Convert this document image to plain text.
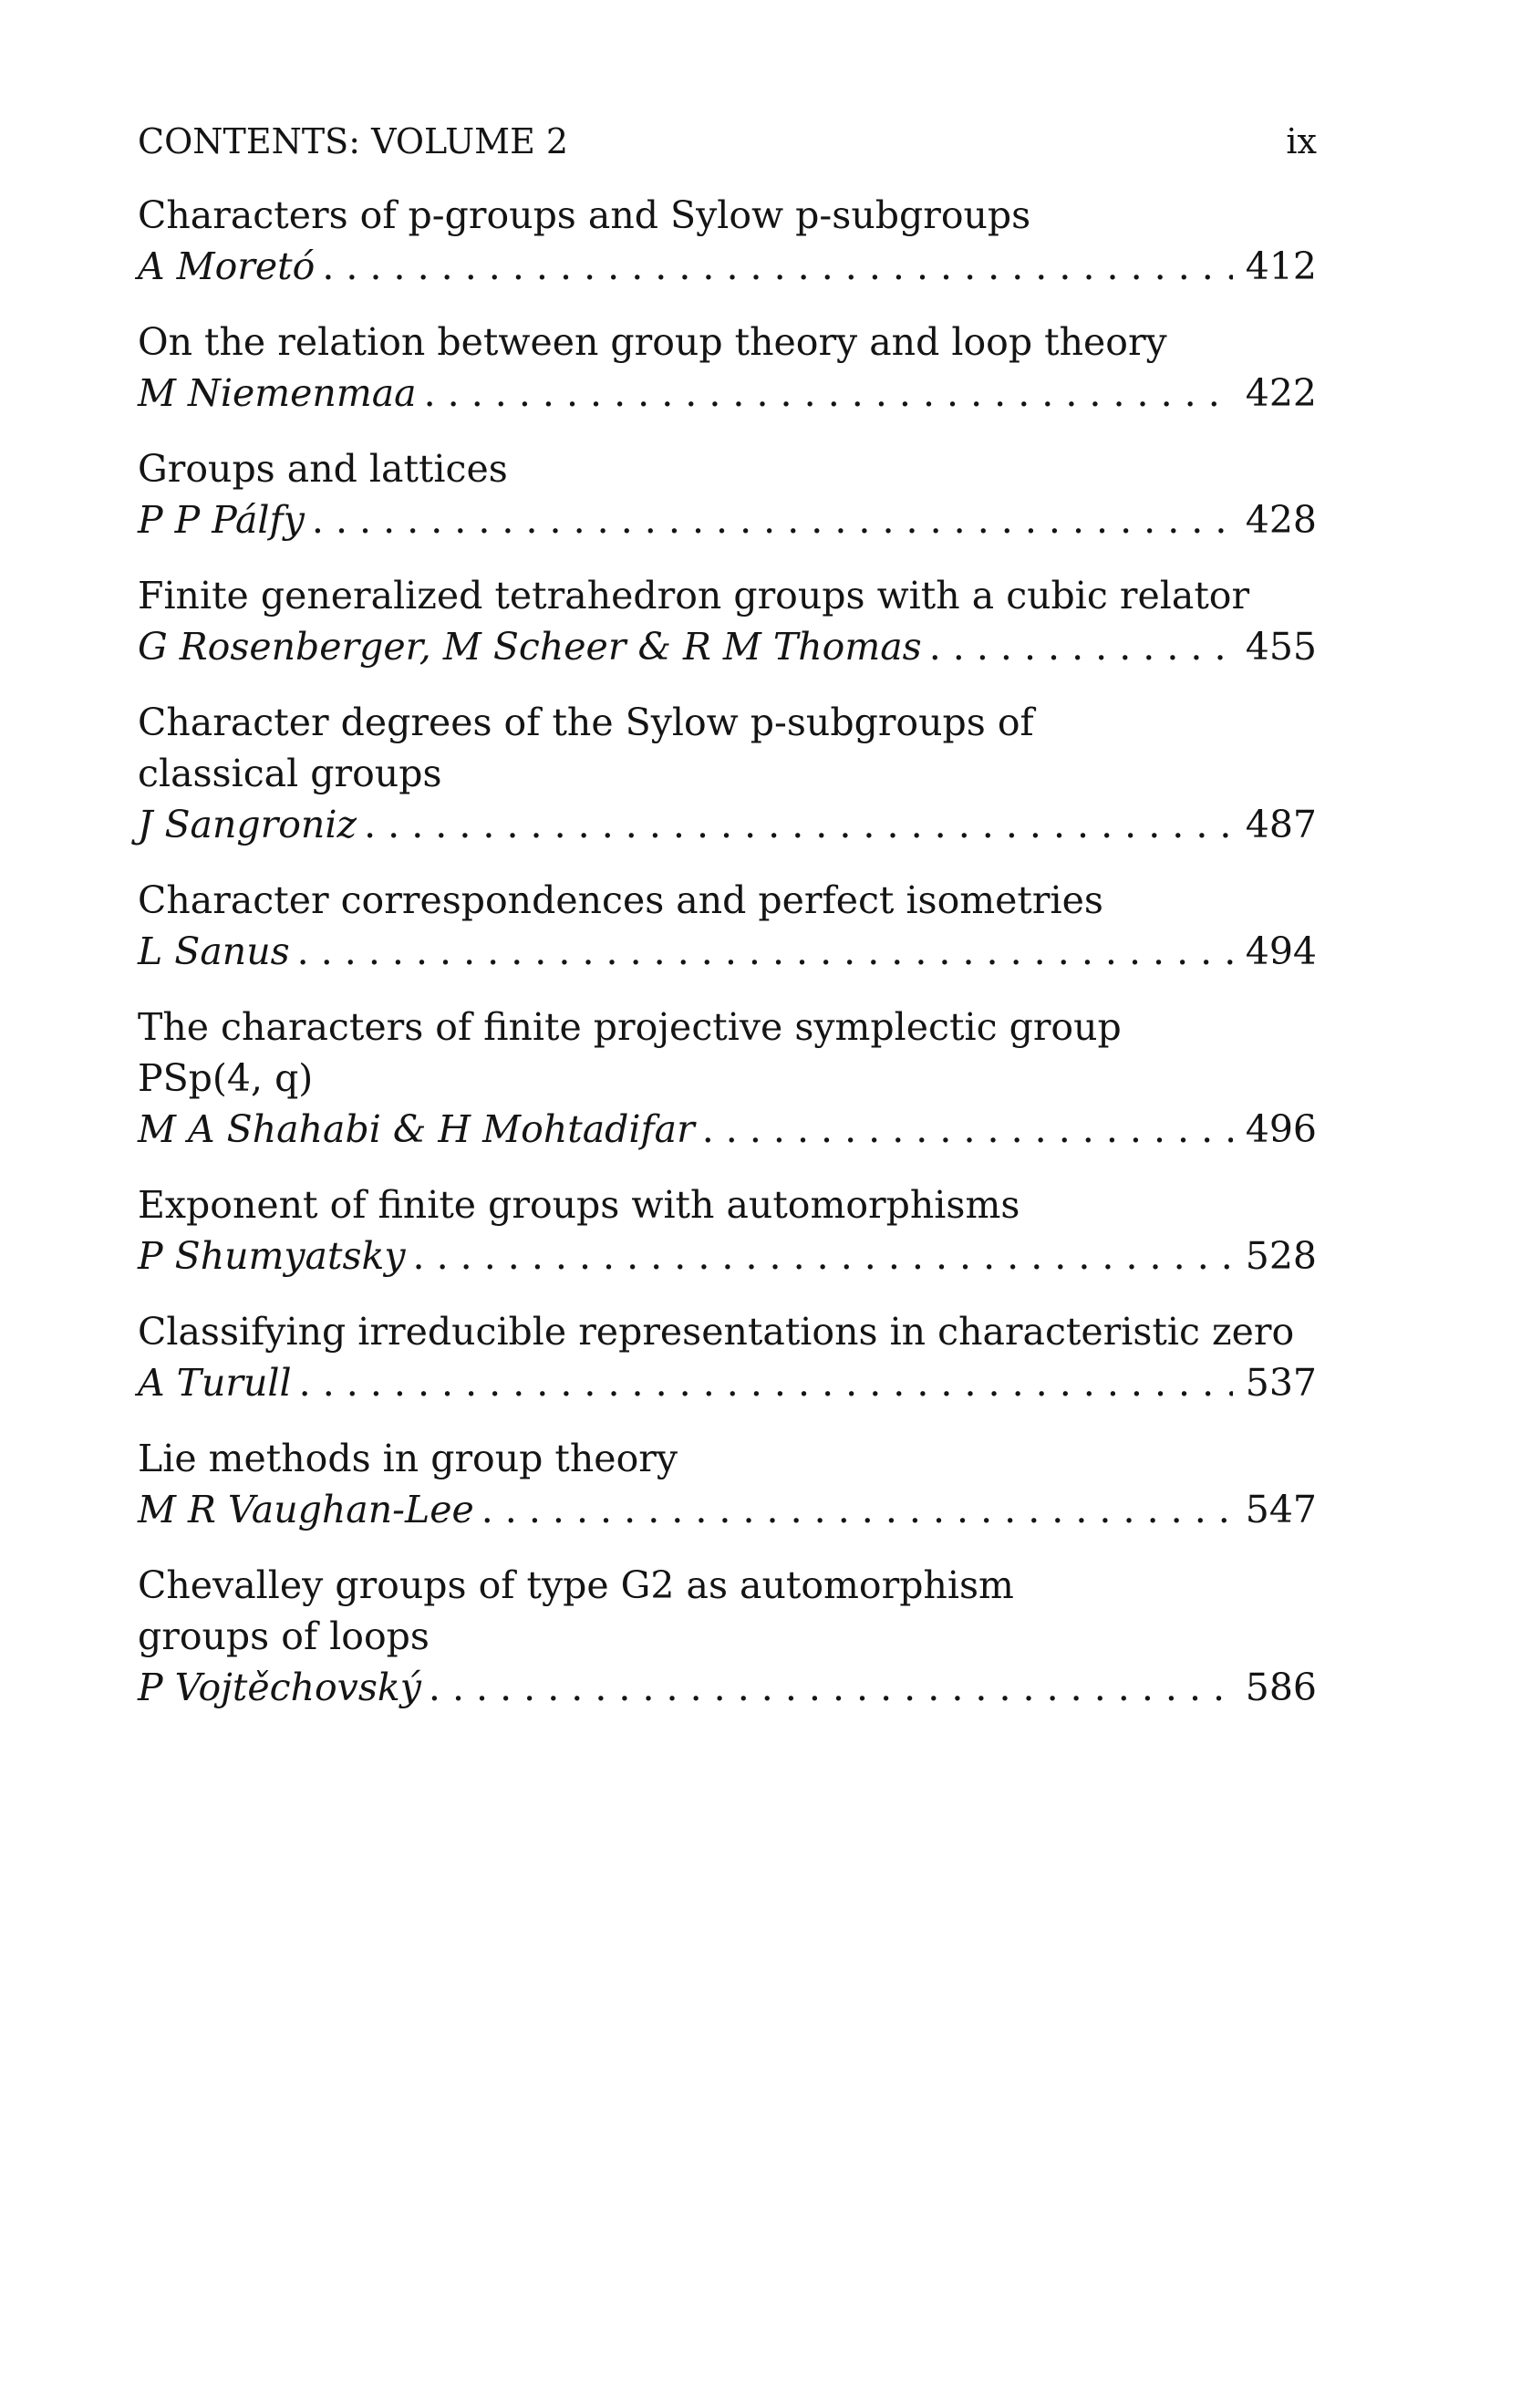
CONTENTS: VOLUME 2	ix
Characters of p-groups and Sylow p-subgroups
A Moretó . . .	412
On the relation between group theory and loop theory
M Niemenmaa . . .	422
Groups and lattices
P P Pálfy . . .	428
Finite generalized tetrahedron groups with a cubic relator
G Rosenberger, M Scheer & R M Thomas . . .	455
Character degrees of the Sylow p-subgroups of
classical groups
J Sangroniz . . .	487
Character correspondences and perfect isometries
L Sanus . . .	494
The characters of finite projective symplectic group
PSp(4, q)
M A Shahabi & H Mohtadifar . . .	496
Exponent of finite groups with automorphisms
P Shumyatsky . . .	528
Classifying irreducible representations in characteristic zero
A Turull . . .	537
Lie methods in group theory
M R Vaughan-Lee . . .	547
Chevalley groups of type G2 as automorphism
groups of loops
P Vojtěchovský . . .	586
